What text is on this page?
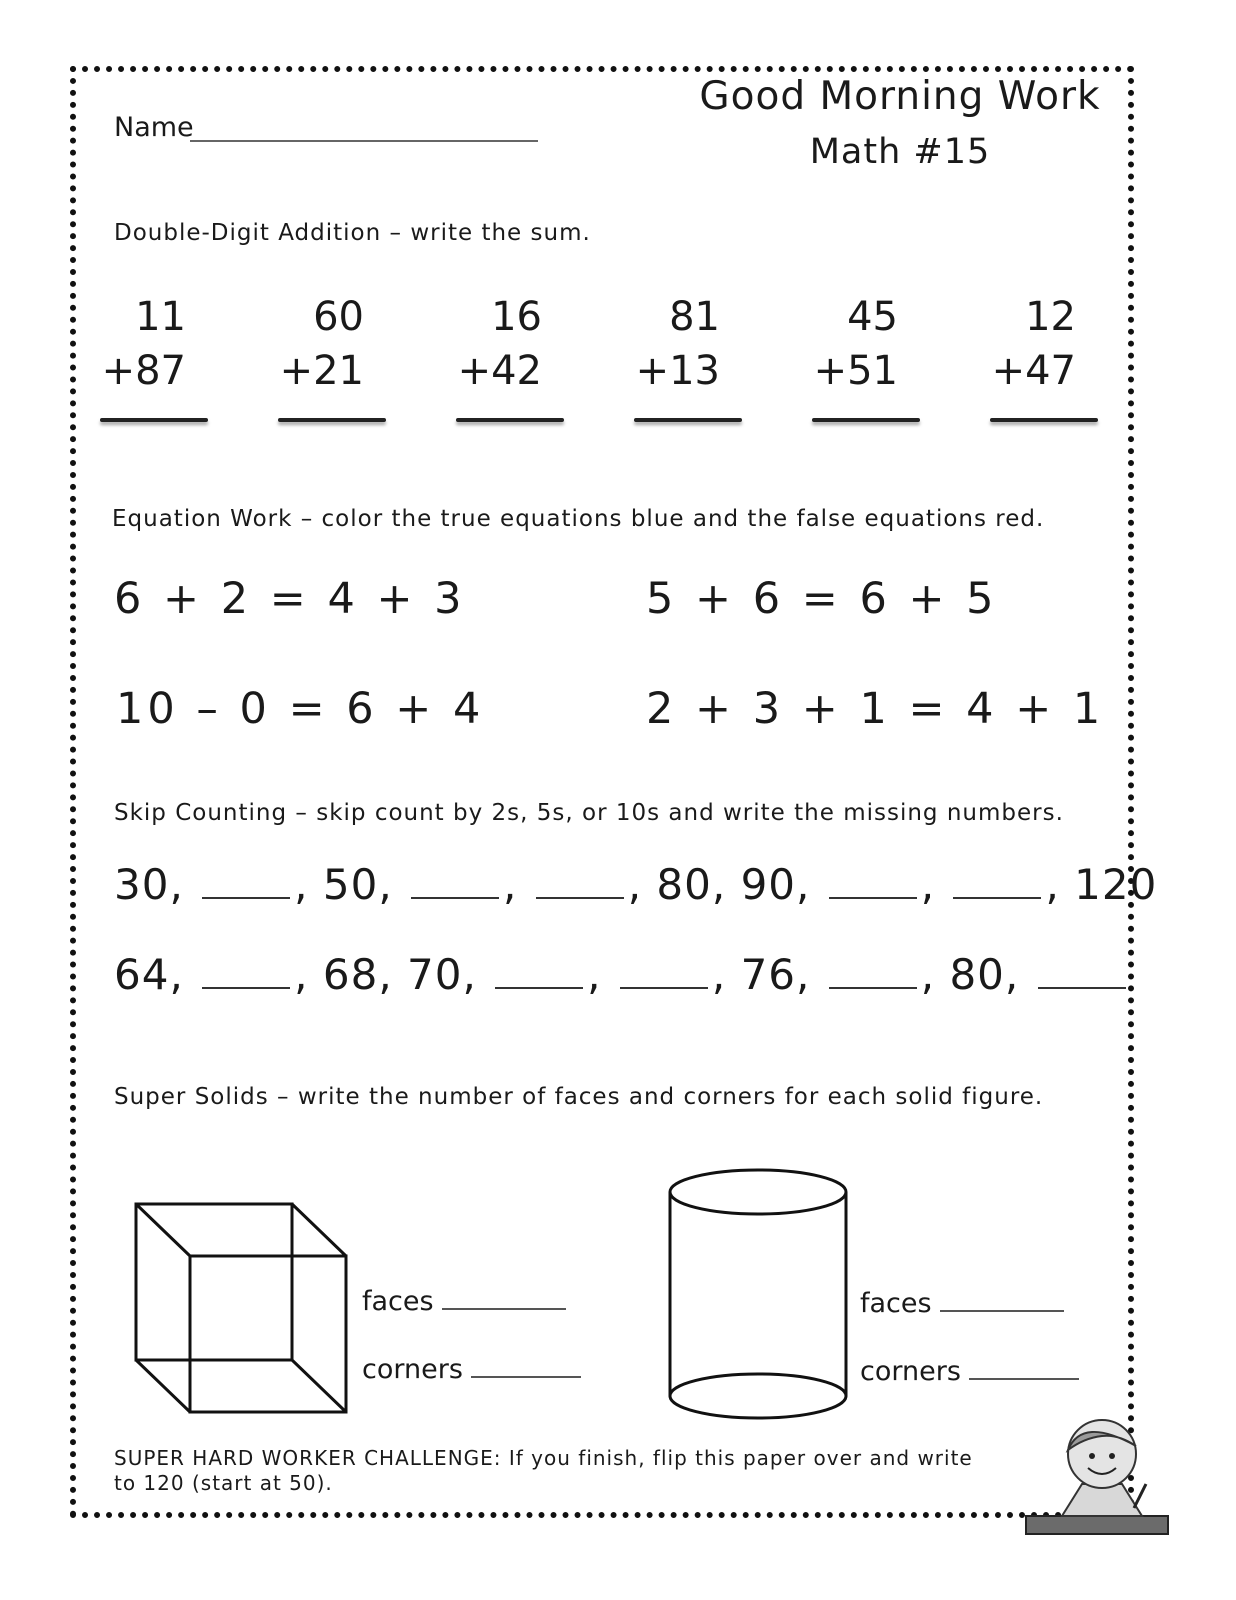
Name
Good Morning Work
Math #15
Double-Digit Addition – write the sum.
11
+87
60
+21
16
+42
81
+13
45
+51
12
+47
Equation Work – color the true equations blue and the false equations red.
6 + 2 = 4 + 3	5 + 6 = 6 + 5
10 – 0 = 6 + 4	2 + 3 + 1 = 4 + 1
Skip Counting – skip count by 2s, 5s, or 10s and write the missing numbers.
30, , 50, , , 80, 90, , , 120
64, , 68, 70, , , 76, , 80,
Super Solids – write the number of faces and corners for each solid figure.
faces
corners
faces
corners
SUPER HARD WORKER CHALLENGE: If you finish, flip this paper over and write
to 120 (start at 50).
